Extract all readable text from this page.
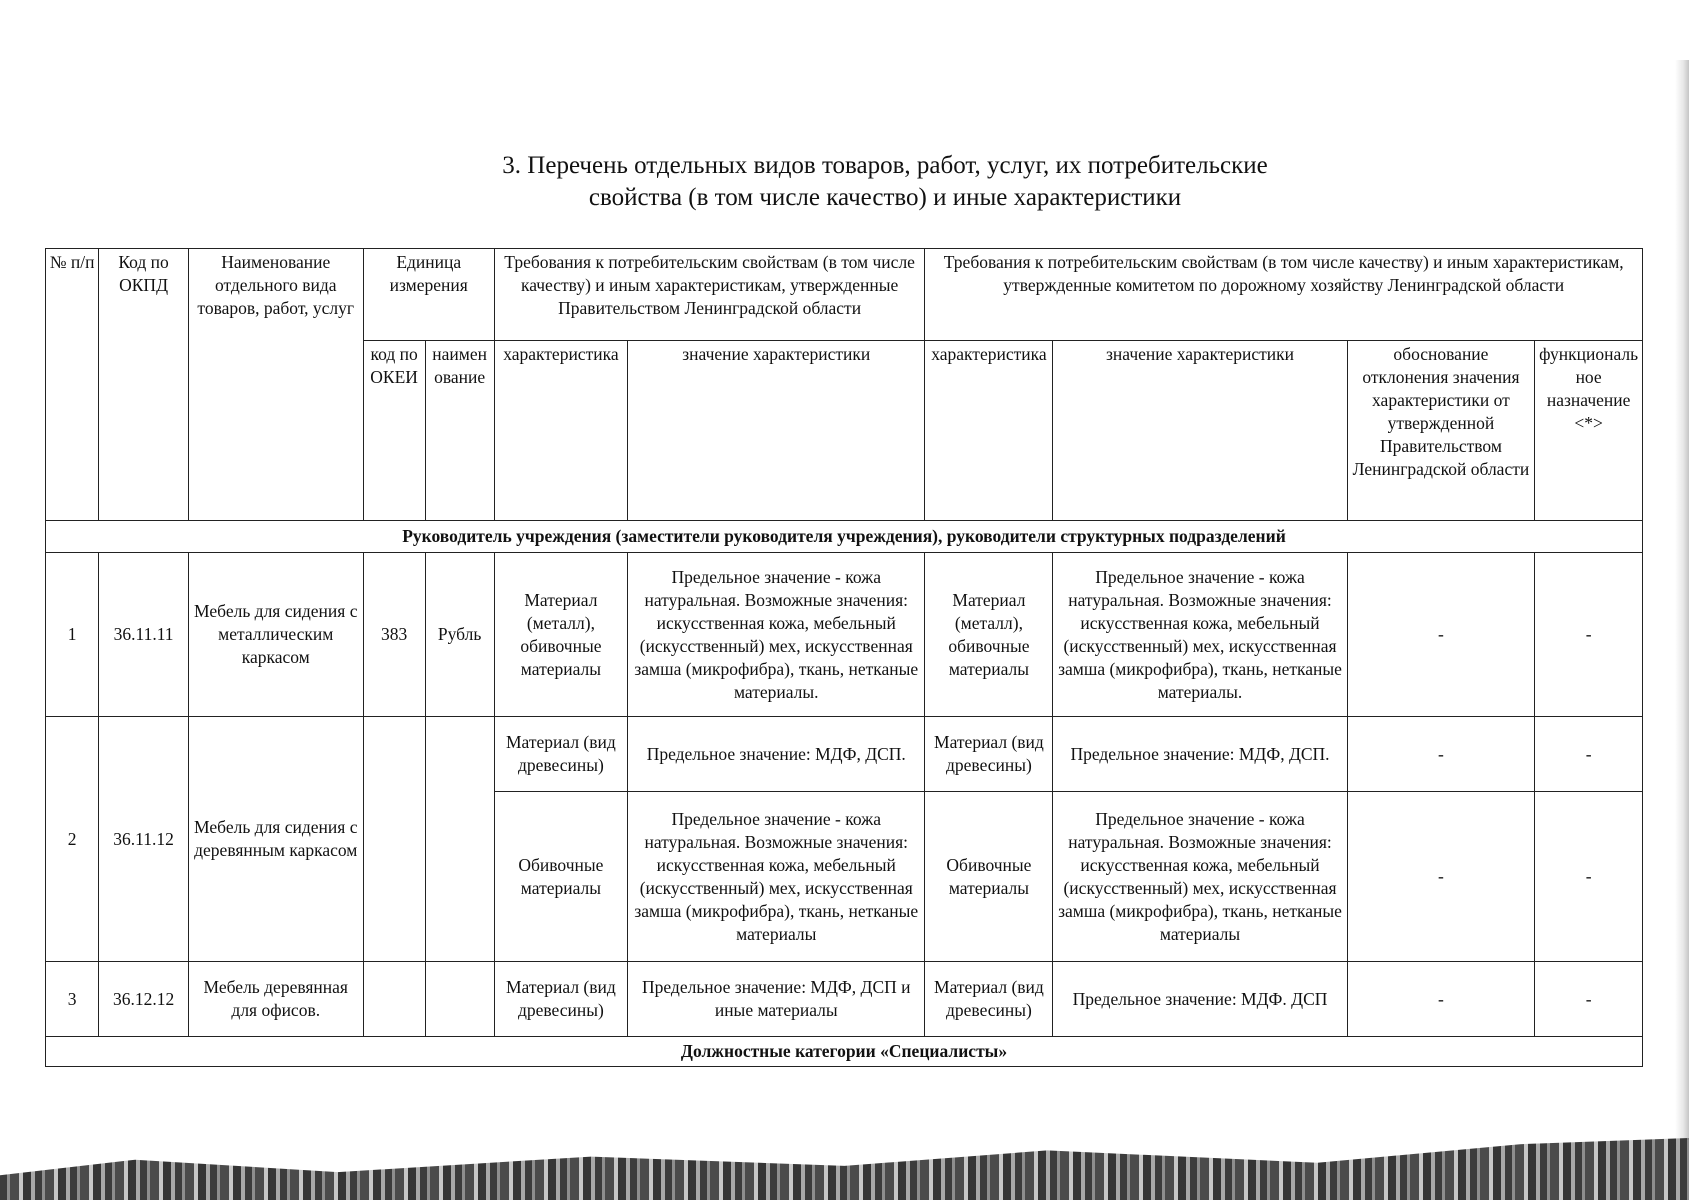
3. Перечень отдельных видов товаров, работ, услуг, их потребительские
свойства (в том числе качество) и иные характеристики
№ п/п	Код по ОКПД	Наименование отдельного вида товаров, работ, услуг	Единица измерения		Требования к потребительским свойствам (в том числе качеству) и иным характеристикам, утвержденные Правительством Ленинградской области		Требования к потребительским свойствам (в том числе качеству) и иным характеристикам, утвержденные комитетом по дорожному хозяйству Ленинградской области			
			код по ОКЕИ	наименование	характеристика	значение характеристики	характеристика	значение характеристики	обоснование отклонения значения характеристики от утвержденной Правительством Ленинградской области	функциональное назначение <*>
Руководитель учреждения (заместители руководителя учреждения), руководители структурных подразделений										
1	36.11.11	Мебель для сидения с металлическим каркасом	383	Рубль	Материал (металл), обивочные материалы	Предельное значение - кожа натуральная. Возможные значения: искусственная кожа, мебельный (искусственный) мех, искусственная замша (микрофибра), ткань, нетканые материалы.	Материал (металл), обивочные материалы	Предельное значение - кожа натуральная. Возможные значения: искусственная кожа, мебельный (искусственный) мех, искусственная замша (микрофибра), ткань, нетканые материалы.	-	-
2	36.11.12	Мебель для сидения с деревянным каркасом			Материал (вид древесины)	Предельное значение: МДФ, ДСП.	Материал (вид древесины)	Предельное значение: МДФ, ДСП.	-	-
					Обивочные материалы	Предельное значение - кожа натуральная. Возможные значения: искусственная кожа, мебельный (искусственный) мех, искусственная замша (микрофибра), ткань, нетканые материалы	Обивочные материалы	Предельное значение - кожа натуральная. Возможные значения: искусственная кожа, мебельный (искусственный) мех, искусственная замша (микрофибра), ткань, нетканые материалы	-	-
3	36.12.12	Мебель деревянная для офисов.			Материал (вид древесины)	Предельное значение: МДФ, ДСП и иные материалы	Материал (вид древесины)	Предельное значение: МДФ. ДСП	-	-
Должностные категории «Специалисты»										
